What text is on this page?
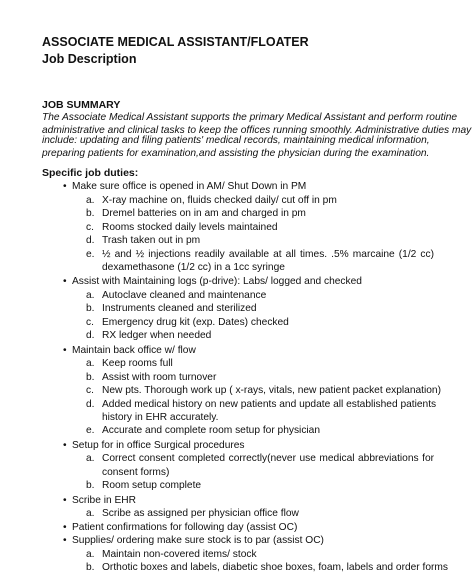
ASSOCIATE MEDICAL ASSISTANT/FLOATER
Job Description
JOB SUMMARY
The Associate Medical Assistant supports the primary Medical Assistant and perform routine
administrative and clinical tasks to keep the offices running smoothly. Administrative duties may
include: updating and filing patients' medical records, maintaining medical information,
preparing patients for examination,and assisting the physician during the examination.
Specific job duties:
• Make sure office is opened in AM/ Shut Down in PM
a. X-ray machine on, fluids checked daily/ cut off in pm
b. Dremel batteries on in am and charged in pm
c. Rooms stocked daily levels maintained
d. Trash taken out in pm
e. ½ and ½ injections readily available at all times. .5% marcaine (1/2 cc)
dexamethasone (1/2 cc) in a 1cc syringe
• Assist with Maintaining logs (p-drive): Labs/ logged and checked
a. Autoclave cleaned and maintenance
b. Instruments cleaned and sterilized
c. Emergency drug kit (exp. Dates) checked
d. RX ledger when needed
• Maintain back office w/ flow
a. Keep rooms full
b. Assist with room turnover
c. New pts. Thorough work up ( x-rays, vitals, new patient packet explanation)
d. Added medical history on new patients and update all established patients
history in EHR accurately.
e. Accurate and complete room setup for physician
• Setup for in office Surgical procedures
a. Correct consent completed correctly(never use medical abbreviations for
consent forms)
b. Room setup complete
• Scribe in EHR
a. Scribe as assigned per physician office flow
• Patient confirmations for following day (assist OC)
• Supplies/ ordering make sure stock is to par (assist OC)
a. Maintain non-covered items/ stock
b. Orthotic boxes and labels, diabetic shoe boxes, foam, labels and order forms
